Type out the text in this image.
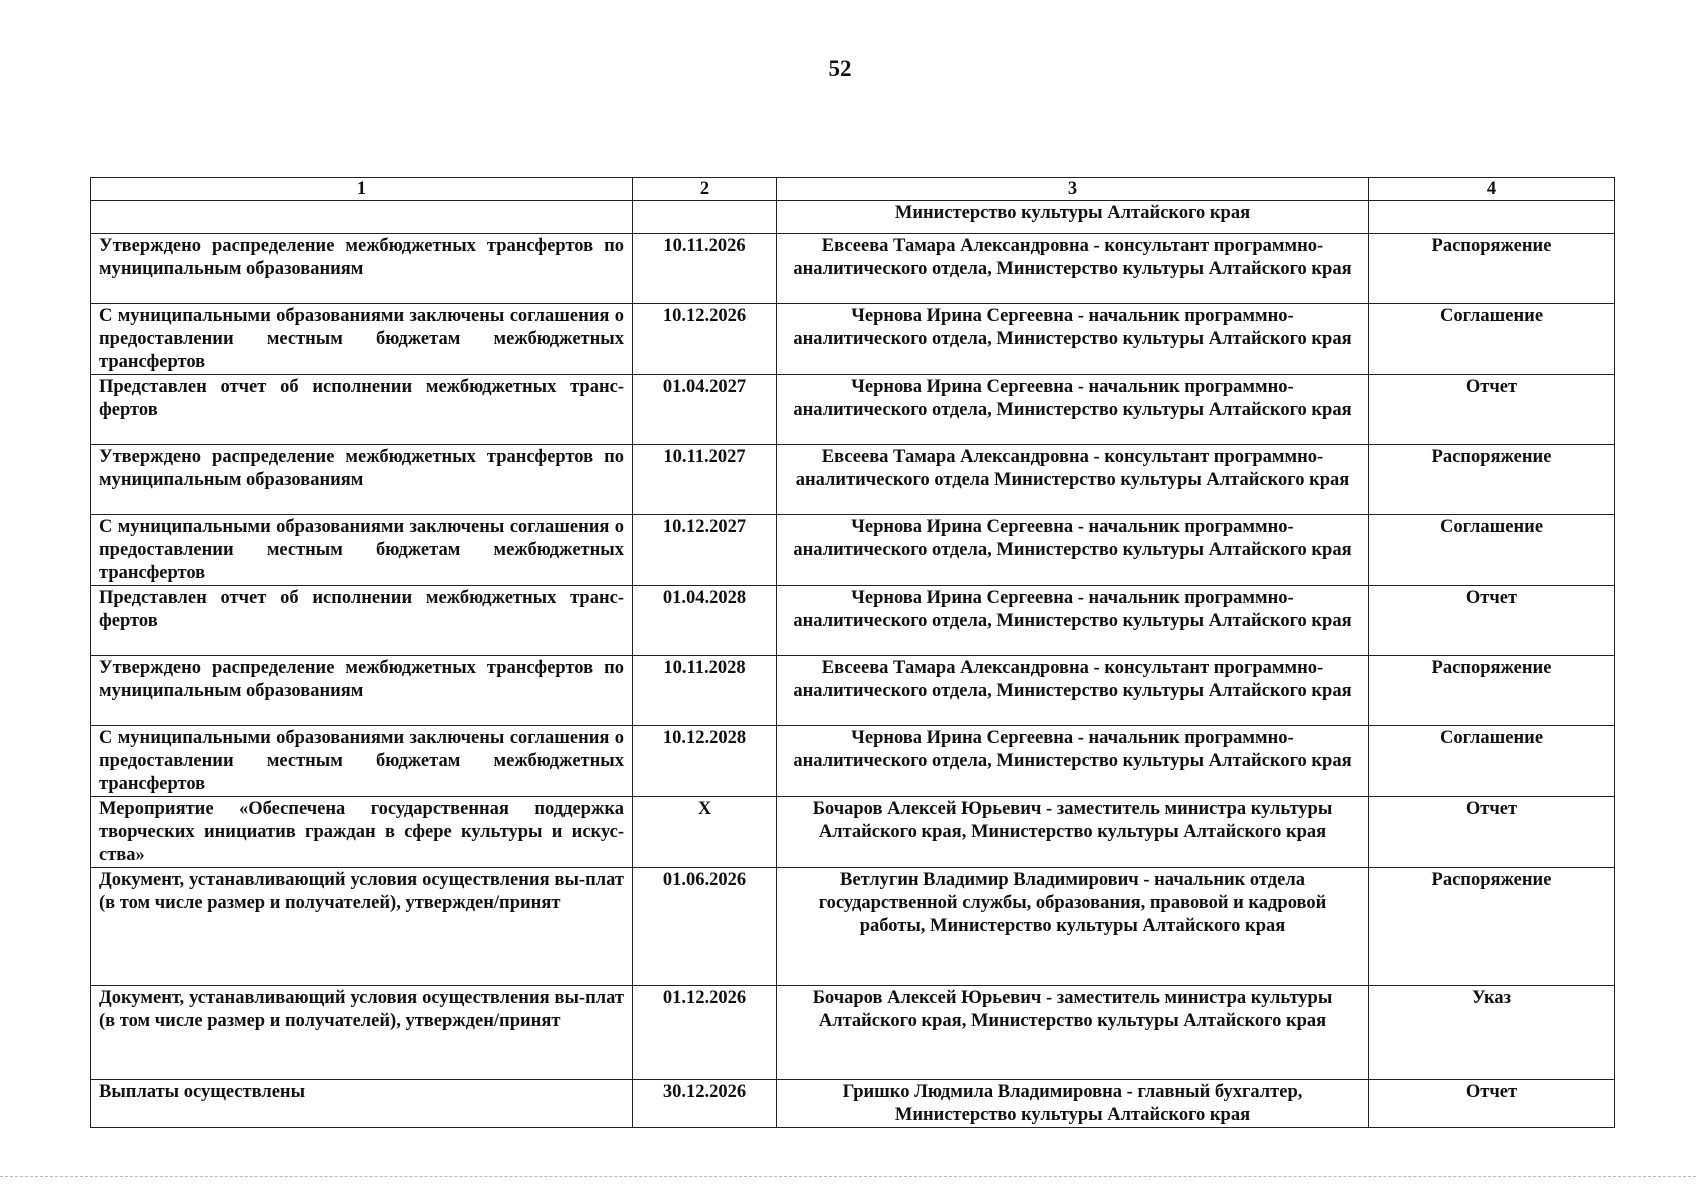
52
1	2	3	4
		Министерство культуры Алтайского края	
Утверждено распределение межбюджетных трансфертов по муниципальным образованиям	10.11.2026	Евсеева Тамара Александровна - консультант программно-аналитического отдела, Министерство культуры Алтайского края	Распоряжение
С муниципальными образованиями заключены соглашения о предоставлении местным бюджетам межбюджетных трансфертов	10.12.2026	Чернова Ирина Сергеевна - начальник программно-аналитического отдела, Министерство культуры Алтайского края	Соглашение
Представлен отчет об исполнении межбюджетных транс-фертов	01.04.2027	Чернова Ирина Сергеевна - начальник программно-аналитического отдела, Министерство культуры Алтайского края	Отчет
Утверждено распределение межбюджетных трансфертов по муниципальным образованиям	10.11.2027	Евсеева Тамара Александровна - консультант программно-аналитического отдела Министерство культуры Алтайского края	Распоряжение
С муниципальными образованиями заключены соглашения о предоставлении местным бюджетам межбюджетных трансфертов	10.12.2027	Чернова Ирина Сергеевна - начальник программно-аналитического отдела, Министерство культуры Алтайского края	Соглашение
Представлен отчет об исполнении межбюджетных транс-фертов	01.04.2028	Чернова Ирина Сергеевна - начальник программно-аналитического отдела, Министерство культуры Алтайского края	Отчет
Утверждено распределение межбюджетных трансфертов по муниципальным образованиям	10.11.2028	Евсеева Тамара Александровна - консультант программно-аналитического отдела, Министерство культуры Алтайского края	Распоряжение
С муниципальными образованиями заключены соглашения о предоставлении местным бюджетам межбюджетных трансфертов	10.12.2028	Чернова Ирина Сергеевна - начальник программно-аналитического отдела, Министерство культуры Алтайского края	Соглашение
Мероприятие «Обеспечена государственная поддержка творческих инициатив граждан в сфере культуры и искус-ства»	X	Бочаров Алексей Юрьевич - заместитель министра культуры Алтайского края, Министерство культуры Алтайского края	Отчет
Документ, устанавливающий условия осуществления вы-плат (в том числе размер и получателей), утвержден/принят	01.06.2026	Ветлугин Владимир Владимирович - начальник отдела государственной службы, образования, правовой и кадровой работы, Министерство культуры Алтайского края	Распоряжение
Документ, устанавливающий условия осуществления вы-плат (в том числе размер и получателей), утвержден/принят	01.12.2026	Бочаров Алексей Юрьевич - заместитель министра культуры Алтайского края, Министерство культуры Алтайского края	Указ
Выплаты осуществлены	30.12.2026	Гришко Людмила Владимировна - главный бухгалтер, Министерство культуры Алтайского края	Отчет
